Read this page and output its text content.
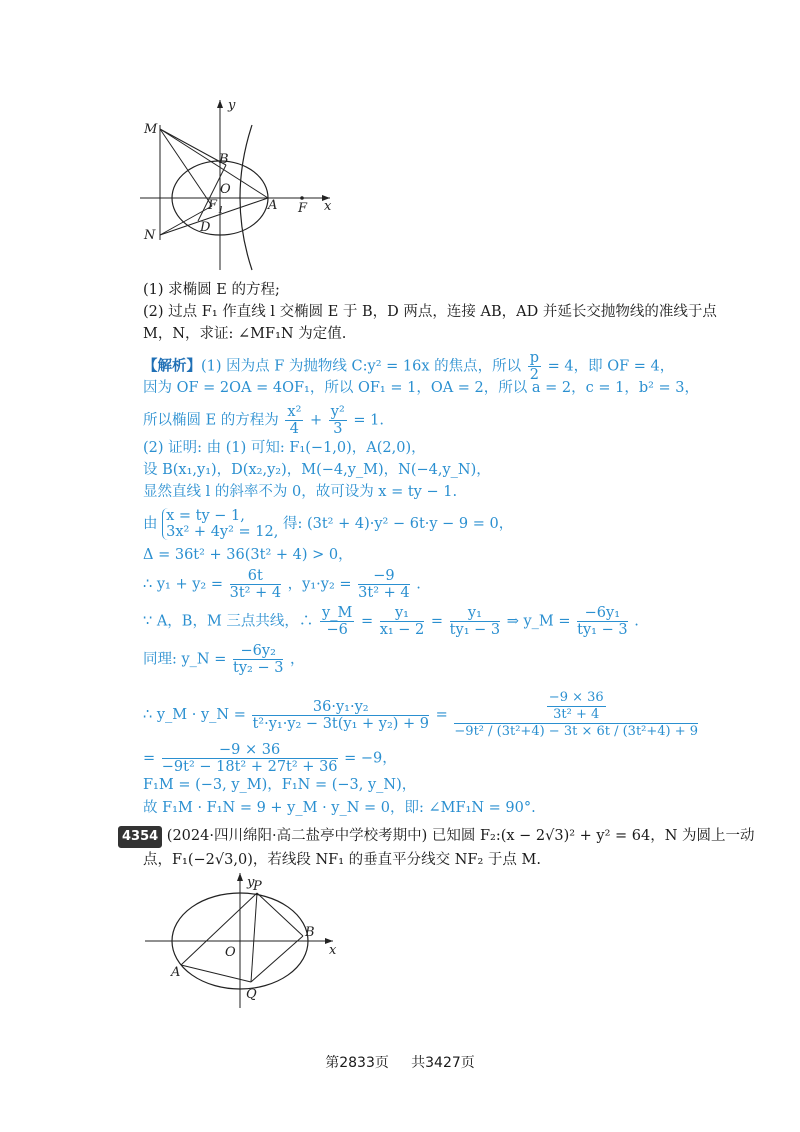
y
x
M
N
B
O
F 1	A F
D
(1) 求椭圆 E 的方程;
(2) 过点 F₁ 作直线 l 交椭圆 E 于 B，D 两点，连接 AB，AD 并延长交抛物线的准线于点
M，N，求证: ∠MF₁N 为定值.
【解析】(1) 因为点 F 为抛物线 C:y² = 16x 的焦点，所以 $\frac{p}{2} = 4$，即 OF = 4，
因为 OF = 2OA = 4OF₁，所以 OF₁ = 1，OA = 2，所以 a = 2，c = 1，b² = 3，
所以椭圆 E 的方程为 $\frac{\text{x²}}{4} + \frac{\text{y²}}{3} = 1$.
(2) 证明: 由 (1) 可知: F₁(−1,0)，A(2,0)，
设 B(x₁,y₁)，D(x₂,y₂)，M(−4,y_M)，N(−4,y_N)，
显然直线 l 的斜率不为 0，故可设为 x = ty − 1.
由 x = ty − 1,
3x² + 4y² = 12, 得: (3t² + 4)·y² − 6t·y − 9 = 0，
Δ = 36t² + 36(3t² + 4) > 0，
∴ $y_1 + y_2 = \frac{6t}{\text{3t² + 4}}$ ，$y_1\cdot y_2 = \frac{-9}{\text{3t² + 4}}$ .
∵ A，B，M 三点共线，∴ $\frac{y\_M}{-6} = \frac{\text{y₁}}{\text{x₁ − 2}} = \frac{\text{y₁}}{\text{ty₁ − 3}}$ ⇒ y_M = $\frac{\text{−6y₁}}{\text{ty₁ − 3}}$ .
同理: y_N = $\frac{\text{−6y₂}}{\text{ty₂ − 3}}$ ，
∴ y_M · y_N = $\frac{\text{36·y₁·y₂}}{\text{t²·y₁·y₂ − 3t(y₁ + y₂) + 9}} = \frac{\frac{-9 \times 36}{\text{3t² + 4}}}{\text{−9t² / (3t²+4) − 3t × 6t / (3t²+4) + 9}}$
= $\frac{-9 \times 36}{\text{−9t² − 18t² + 27t² + 36}} = -9$，
F₁M = (−3, y_M)，F₁N = (−3, y_N)，
故 F₁M · F₁N = 9 + y_M · y_N = 0，即: ∠MF₁N = 90°.
4354 (2024·四川绵阳·高二盐亭中学校考期中) 已知圆 F₂:(x − 2√3)² + y² = 64，N 为圆上一动
点，F₁(−2√3,0)，若线段 NF₁ 的垂直平分线交 NF₂ 于点 M.
y
x
P
B
O
A
Q
第2833页 共3427页
